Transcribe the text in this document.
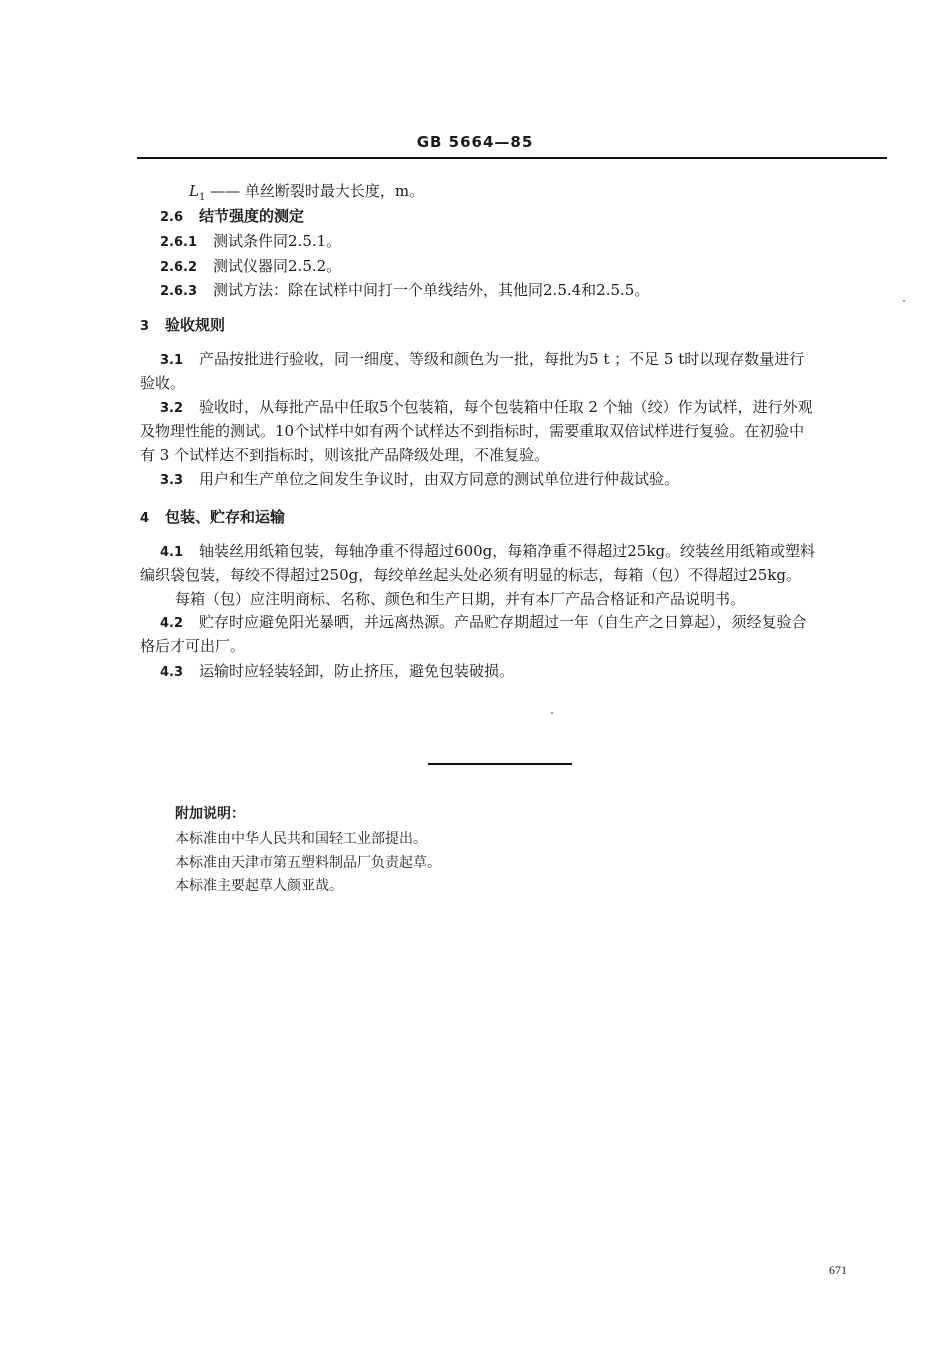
GB 5664—85
$L_1$ —— 单丝断裂时最大长度，m。
2.6 结节强度的测定
2.6.1 测试条件同2.5.1。
2.6.2 测试仪器同2.5.2。
2.6.3 测试方法：除在试样中间打一个单线结外，其他同2.5.4和2.5.5。
3 验收规则
3.1 产品按批进行验收，同一细度、等级和颜色为一批，每批为5 t ；不足 5 t时以现存数量进行
验收。
3.2 验收时，从每批产品中任取5个包装箱，每个包装箱中任取 2 个轴（绞）作为试样，进行外观
及物理性能的测试。10个试样中如有两个试样达不到指标时，需要重取双倍试样进行复验。在初验中
有 3 个试样达不到指标时，则该批产品降级处理，不准复验。
3.3 用户和生产单位之间发生争议时，由双方同意的测试单位进行仲裁试验。
4 包装、贮存和运输
4.1 轴装丝用纸箱包装，每轴净重不得超过600g，每箱净重不得超过25kg。绞装丝用纸箱或塑料
编织袋包装，每绞不得超过250g，每绞单丝起头处必须有明显的标志，每箱（包）不得超过25kg。
每箱（包）应注明商标、名称、颜色和生产日期，并有本厂产品合格证和产品说明书。
4.2 贮存时应避免阳光暴晒，并远离热源。产品贮存期超过一年（自生产之日算起），须经复验合
格后才可出厂。
4.3 运输时应轻装轻卸，防止挤压，避免包装破损。
附加说明：
本标准由中华人民共和国轻工业部提出。
本标准由天津市第五塑料制品厂负责起草。
本标准主要起草人颜亚哉。
671
